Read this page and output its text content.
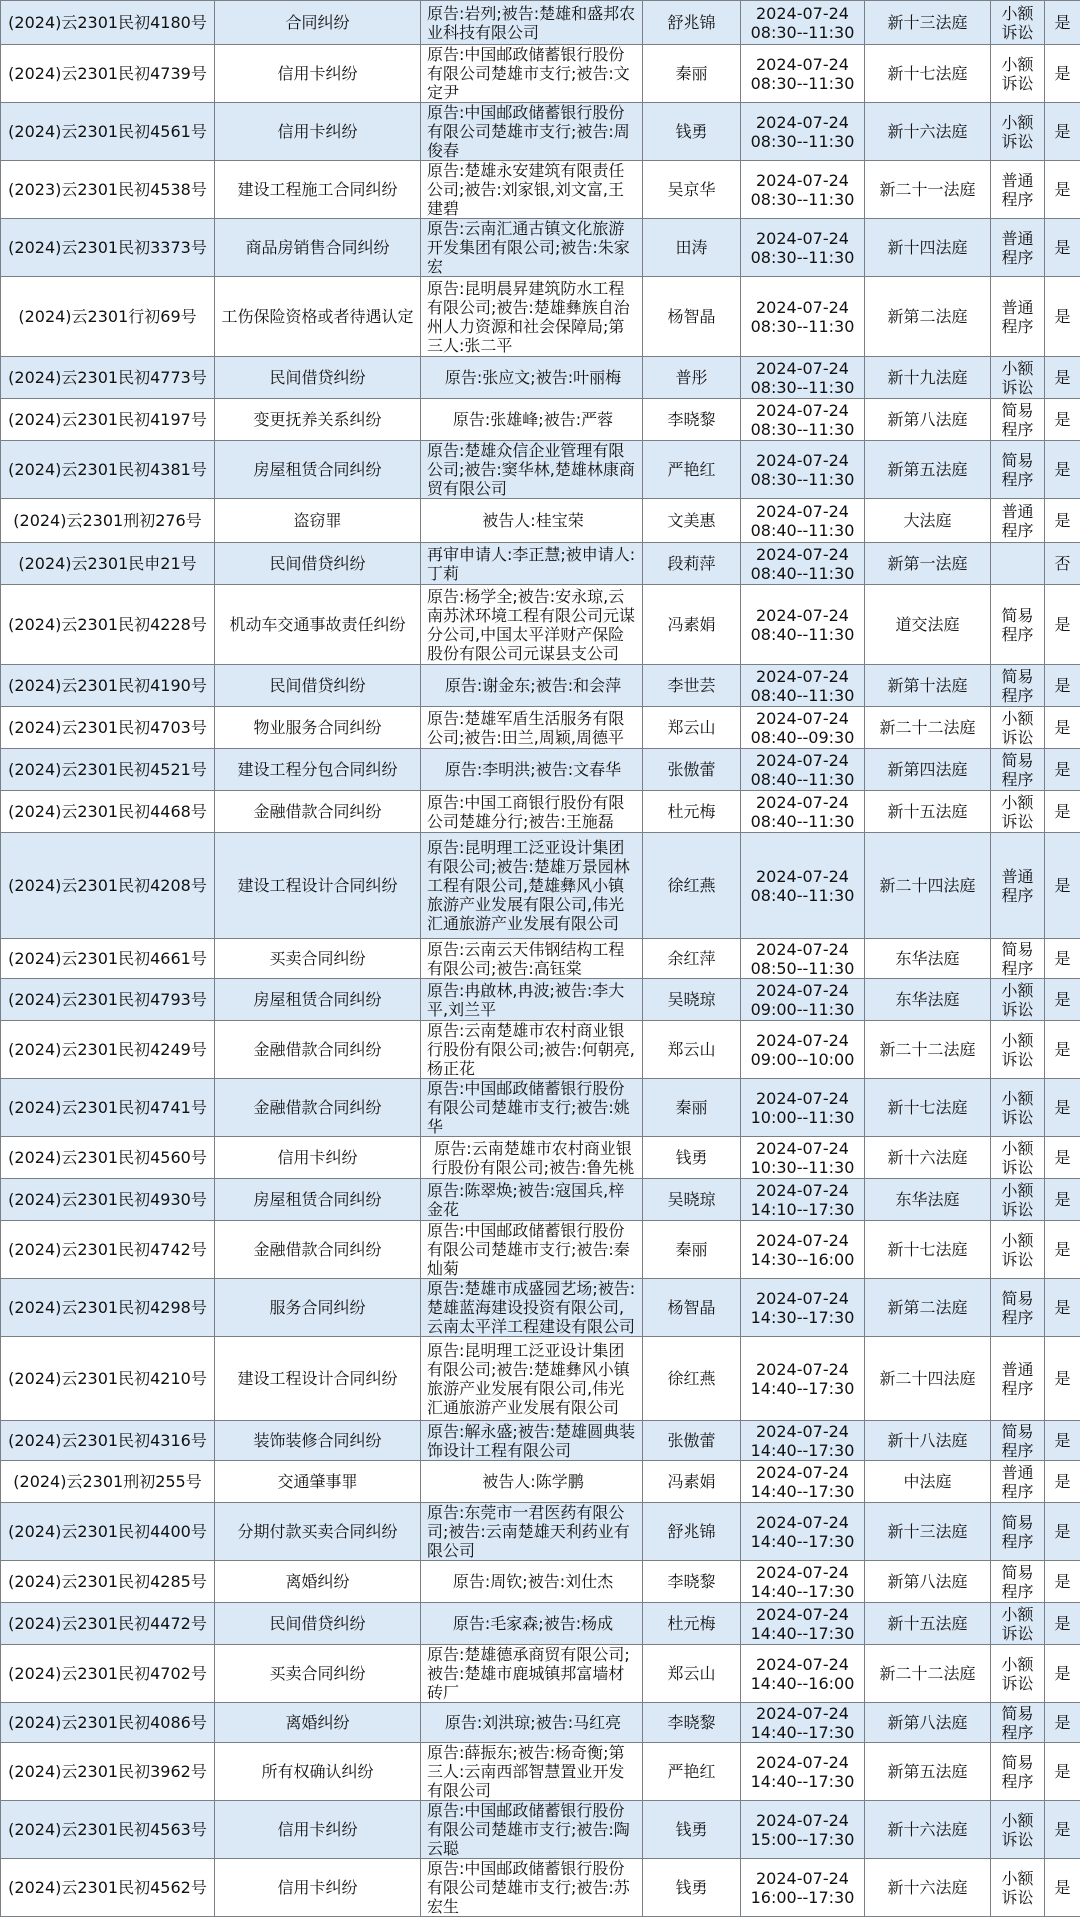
(2024)云2301民初4180号	合同纠纷	原告:岩列;被告:楚雄和盛邦农业科技有限公司	舒兆锦	2024-07-24
08:30--11:30	新十三法庭	小额诉讼	是
(2024)云2301民初4739号	信用卡纠纷	原告:中国邮政储蓄银行股份有限公司楚雄市支行;被告:文定尹	秦丽	2024-07-24
08:30--11:30	新十七法庭	小额诉讼	是
(2024)云2301民初4561号	信用卡纠纷	原告:中国邮政储蓄银行股份有限公司楚雄市支行;被告:周俊春	钱勇	2024-07-24
08:30--11:30	新十六法庭	小额诉讼	是
(2023)云2301民初4538号	建设工程施工合同纠纷	原告:楚雄永安建筑有限责任公司;被告:刘家银,刘文富,王建碧	吴京华	2024-07-24
08:30--11:30	新二十一法庭	普通程序	是
(2024)云2301民初3373号	商品房销售合同纠纷	原告:云南汇通古镇文化旅游开发集团有限公司;被告:朱家宏	田涛	2024-07-24
08:30--11:30	新十四法庭	普通程序	是
(2024)云2301行初69号	工伤保险资格或者待遇认定	原告:昆明晨昇建筑防水工程有限公司;被告:楚雄彝族自治州人力资源和社会保障局;第三人:张二平	杨智晶	2024-07-24
08:30--11:30	新第二法庭	普通程序	是
(2024)云2301民初4773号	民间借贷纠纷	原告:张应文;被告:叶丽梅	普彤	2024-07-24
08:30--11:30	新十九法庭	小额诉讼	是
(2024)云2301民初4197号	变更抚养关系纠纷	原告:张雄峰;被告:严蓉	李晓黎	2024-07-24
08:30--11:30	新第八法庭	简易程序	是
(2024)云2301民初4381号	房屋租赁合同纠纷	原告:楚雄众信企业管理有限公司;被告:窦华林,楚雄林康商贸有限公司	严艳红	2024-07-24
08:30--11:30	新第五法庭	简易程序	是
(2024)云2301刑初276号	盗窃罪	被告人:桂宝荣	文美惠	2024-07-24
08:40--11:30	大法庭	普通程序	是
(2024)云2301民申21号	民间借贷纠纷	再审申请人:李正慧;被申请人:丁莉	段莉萍	2024-07-24
08:40--11:30	新第一法庭		否
(2024)云2301民初4228号	机动车交通事故责任纠纷	原告:杨学全;被告:安永琼,云南苏沭环境工程有限公司元谋分公司,中国太平洋财产保险股份有限公司元谋县支公司	冯素娟	2024-07-24
08:40--11:30	道交法庭	简易程序	是
(2024)云2301民初4190号	民间借贷纠纷	原告:谢金东;被告:和会萍	李世芸	2024-07-24
08:40--11:30	新第十法庭	简易程序	是
(2024)云2301民初4703号	物业服务合同纠纷	原告:楚雄军盾生活服务有限公司;被告:田兰,周颖,周德平	郑云山	2024-07-24
08:40--09:30	新二十二法庭	小额诉讼	是
(2024)云2301民初4521号	建设工程分包合同纠纷	原告:李明洪;被告:文春华	张傲蕾	2024-07-24
08:40--11:30	新第四法庭	简易程序	是
(2024)云2301民初4468号	金融借款合同纠纷	原告:中国工商银行股份有限公司楚雄分行;被告:王施磊	杜元梅	2024-07-24
08:40--11:30	新十五法庭	小额诉讼	是
(2024)云2301民初4208号	建设工程设计合同纠纷	原告:昆明理工泛亚设计集团有限公司;被告:楚雄万景园林工程有限公司,楚雄彝风小镇旅游产业发展有限公司,伟光汇通旅游产业发展有限公司	徐红燕	2024-07-24
08:40--11:30	新二十四法庭	普通程序	是
(2024)云2301民初4661号	买卖合同纠纷	原告:云南云天伟钢结构工程有限公司;被告:高钰棠	余红萍	2024-07-24
08:50--11:30	东华法庭	简易程序	是
(2024)云2301民初4793号	房屋租赁合同纠纷	原告:冉啟林,冉波;被告:李大平,刘兰平	吴晓琼	2024-07-24
09:00--11:30	东华法庭	小额诉讼	是
(2024)云2301民初4249号	金融借款合同纠纷	原告:云南楚雄市农村商业银行股份有限公司;被告:何朝亮,杨正花	郑云山	2024-07-24
09:00--10:00	新二十二法庭	小额诉讼	是
(2024)云2301民初4741号	金融借款合同纠纷	原告:中国邮政储蓄银行股份有限公司楚雄市支行;被告:姚华	秦丽	2024-07-24
10:00--11:30	新十七法庭	小额诉讼	是
(2024)云2301民初4560号	信用卡纠纷	原告:云南楚雄市农村商业银行股份有限公司;被告:鲁先桃	钱勇	2024-07-24
10:30--11:30	新十六法庭	小额诉讼	是
(2024)云2301民初4930号	房屋租赁合同纠纷	原告:陈翠焕;被告:寇国兵,梓金花	吴晓琼	2024-07-24
14:10--17:30	东华法庭	小额诉讼	是
(2024)云2301民初4742号	金融借款合同纠纷	原告:中国邮政储蓄银行股份有限公司楚雄市支行;被告:秦灿菊	秦丽	2024-07-24
14:30--16:00	新十七法庭	小额诉讼	是
(2024)云2301民初4298号	服务合同纠纷	原告:楚雄市成盛园艺场;被告:楚雄蓝海建设投资有限公司,云南太平洋工程建设有限公司	杨智晶	2024-07-24
14:30--17:30	新第二法庭	简易程序	是
(2024)云2301民初4210号	建设工程设计合同纠纷	原告:昆明理工泛亚设计集团有限公司;被告:楚雄彝风小镇旅游产业发展有限公司,伟光汇通旅游产业发展有限公司	徐红燕	2024-07-24
14:40--17:30	新二十四法庭	普通程序	是
(2024)云2301民初4316号	装饰装修合同纠纷	原告:解永盛;被告:楚雄圆典装饰设计工程有限公司	张傲蕾	2024-07-24
14:40--17:30	新十八法庭	简易程序	是
(2024)云2301刑初255号	交通肇事罪	被告人:陈学鹏	冯素娟	2024-07-24
14:40--17:30	中法庭	普通程序	是
(2024)云2301民初4400号	分期付款买卖合同纠纷	原告:东莞市一君医药有限公司;被告:云南楚雄天利药业有限公司	舒兆锦	2024-07-24
14:40--17:30	新十三法庭	简易程序	是
(2024)云2301民初4285号	离婚纠纷	原告:周钦;被告:刘仕杰	李晓黎	2024-07-24
14:40--17:30	新第八法庭	简易程序	是
(2024)云2301民初4472号	民间借贷纠纷	原告:毛家森;被告:杨成	杜元梅	2024-07-24
14:40--17:30	新十五法庭	小额诉讼	是
(2024)云2301民初4702号	买卖合同纠纷	原告:楚雄德承商贸有限公司;被告:楚雄市鹿城镇邦富墙材砖厂	郑云山	2024-07-24
14:40--16:00	新二十二法庭	小额诉讼	是
(2024)云2301民初4086号	离婚纠纷	原告:刘洪琼;被告:马红亮	李晓黎	2024-07-24
14:40--17:30	新第八法庭	简易程序	是
(2024)云2301民初3962号	所有权确认纠纷	原告:薛振东;被告:杨奇衡;第三人:云南西部智慧置业开发有限公司	严艳红	2024-07-24
14:40--17:30	新第五法庭	简易程序	是
(2024)云2301民初4563号	信用卡纠纷	原告:中国邮政储蓄银行股份有限公司楚雄市支行;被告:陶云聪	钱勇	2024-07-24
15:00--17:30	新十六法庭	小额诉讼	是
(2024)云2301民初4562号	信用卡纠纷	原告:中国邮政储蓄银行股份有限公司楚雄市支行;被告:苏宏生	钱勇	2024-07-24
16:00--17:30	新十六法庭	小额诉讼	是
